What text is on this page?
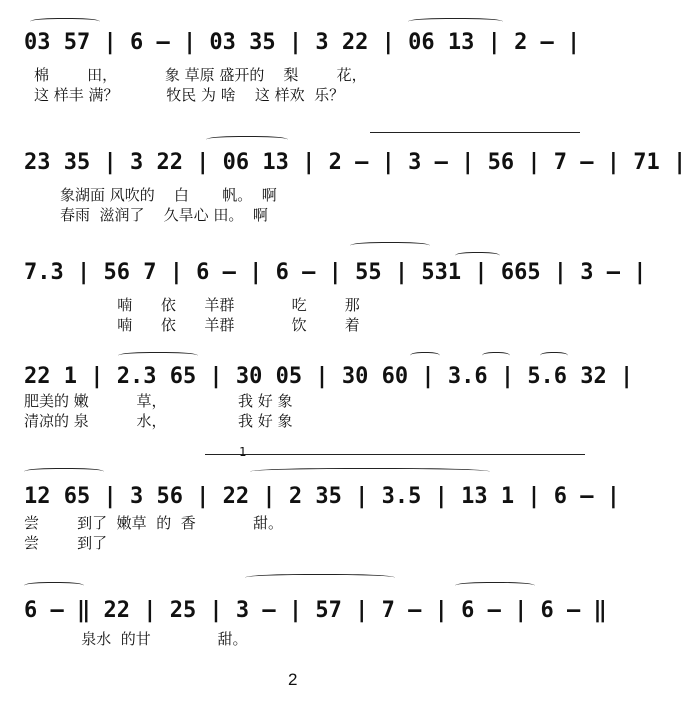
03 57 | 6 — | 03 35 | 3 22 | 06 13 | 2 — |
棉        田，          象 草原 盛开的    梨        花，
这 样丰 满？          牧民 为 啥    这 样欢  乐？
23 35 | 3 22 | 06 13 | 2 — | 3 — | 56 | 7 — | 71 |
象湖面 风吹的    白       帆。  啊
春雨  滋润了    久旱心 田。  啊
7.3 | 56 7 | 6 — | 6 — | 55 | 531 | 665 | 3 — |
喃      依      羊群            吃        那
喃      依      羊群            饮        着
22 1 | 2.3 65 | 30 05 | 30 60 | 3.6 | 5.6 32 |
肥美的 嫩          草，               我 好 象
清凉的 泉          水，               我 好 象
1
12 65 | 3 56 | 22 | 2 35 | 3.5 | 13 1 | 6 — |
尝        到了  嫩草  的  香            甜。
尝        到了
6 — ‖ 22 | 25 | 3 — | 57 | 7 — | 6 — | 6 — ‖
泉水  的甘              甜。
2
